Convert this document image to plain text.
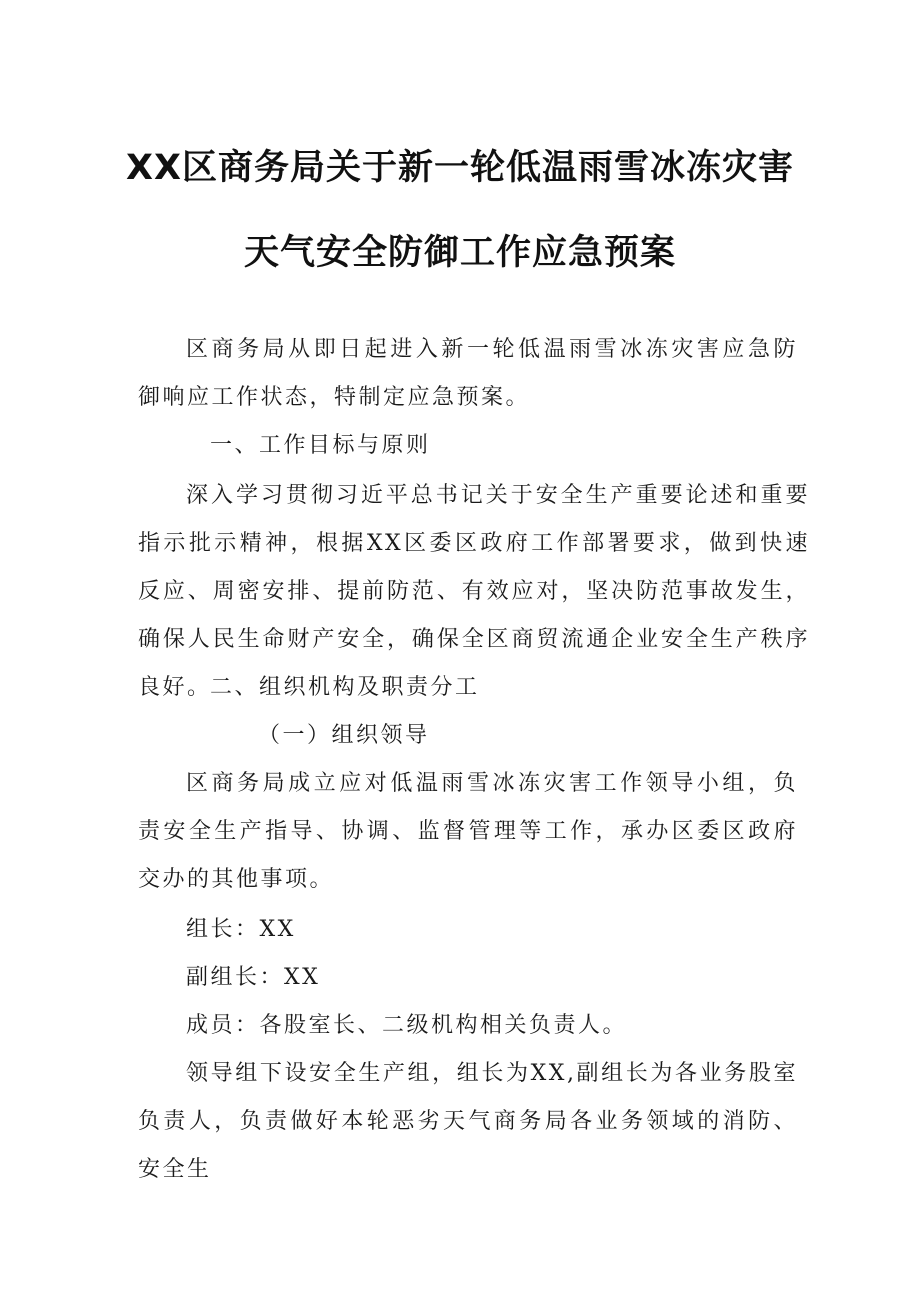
XX区商务局关于新一轮低温雨雪冰冻灾害
天气安全防御工作应急预案
区商务局从即日起进入新一轮低温雨雪冰冻灾害应急防御响应工作状态，特制定应急预案。
一、工作目标与原则
深入学习贯彻习近平总书记关于安全生产重要论述和重要指示批示精神，根据XX区委区政府工作部署要求，做到快速反应、周密安排、提前防范、有效应对，坚决防范事故发生，确保人民生命财产安全，确保全区商贸流通企业安全生产秩序良好。
二、组织机构及职责分工
（一）组织领导
区商务局成立应对低温雨雪冰冻灾害工作领导小组，负责安全生产指导、协调、监督管理等工作，承办区委区政府交办的其他事项。
组长：XX
副组长：XX
成员：各股室长、二级机构相关负责人。
领导组下设安全生产组，组长为XX,副组长为各业务股室负责人，负责做好本轮恶劣天气商务局各业务领域的消防、安全生
